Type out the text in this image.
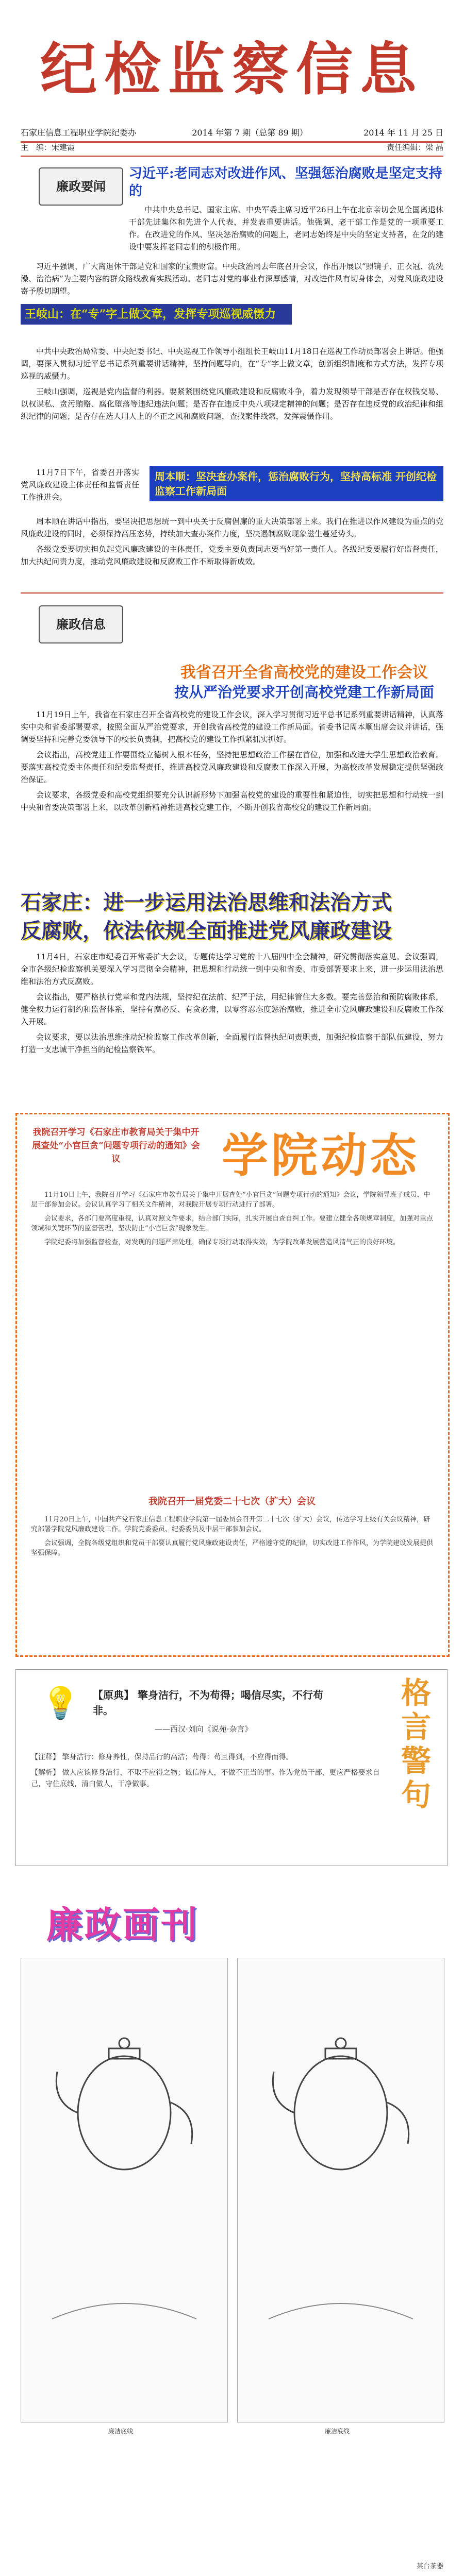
纪检监察信息
石家庄信息工程职业学院纪委办	2014 年第 7 期（总第 89 期）	2014 年 11 月 25 日
主　编：宋建霞	责任编辑：梁 晶
廉政要闻
习近平:老同志对改进作风、坚强惩治腐败是坚定支持的

中共中央总书记、国家主席、中央军委主席习近平26日上午在北京亲切会见全国离退休干部先进集体和先进个人代表，并发表重要讲话。他强调，老干部工作是党的一项重要工作。在改进党的作风、坚决惩治腐败的问题上，老同志始终是中央的坚定支持者，在党的建设中要发挥老同志们的积极作用。

习近平强调，广大离退休干部是党和国家的宝贵财富。中央政治局去年底召开会议，作出开展以“照镜子、正衣冠、洗洗澡、治治病”为主要内容的群众路线教育实践活动。老同志对党的事业有深厚感情，对改进作风有切身体会，对党风廉政建设寄予殷切期望。

王岐山：在“专”字上做文章，发挥专项巡视威慑力

中共中央政治局常委、中央纪委书记、中央巡视工作领导小组组长王岐山11月18日在巡视工作动员部署会上讲话。他强调，要深入贯彻习近平总书记系列重要讲话精神，坚持问题导向，在“专”字上做文章，创新组织制度和方式方法，发挥专项巡视的威慑力。

王岐山强调，巡视是党内监督的利器。要紧紧围绕党风廉政建设和反腐败斗争，着力发现领导干部是否存在权钱交易、以权谋私、贪污贿赂、腐化堕落等违纪违法问题；是否存在违反中央八项规定精神的问题；是否存在违反党的政治纪律和组织纪律的问题；是否存在选人用人上的不正之风和腐败问题，查找案件线索，发挥震慑作用。

11月7日下午，省委召开落实党风廉政建设主体责任和监督责任工作推进会。
周本顺：坚决查办案件，惩治腐败行为，坚持高标准 开创纪检监察工作新局面

周本顺在讲话中指出，要坚决把思想统一到中央关于反腐倡廉的重大决策部署上来。我们在推进以作风建设为重点的党风廉政建设的同时，必须保持高压态势，持续加大查办案件力度，坚决遏制腐败现象滋生蔓延势头。

各级党委要切实担负起党风廉政建设的主体责任，党委主要负责同志要当好第一责任人。各级纪委要履行好监督责任，加大执纪问责力度，推动党风廉政建设和反腐败工作不断取得新成效。

廉政信息
我省召开全省高校党的建设工作会议
按从严治党要求开创高校党建工作新局面

11月19日上午，我省在石家庄召开全省高校党的建设工作会议，深入学习贯彻习近平总书记系列重要讲话精神，认真落实中央和省委部署要求，按照全面从严治党要求，开创我省高校党的建设工作新局面。省委书记周本顺出席会议并讲话，强调要坚持和完善党委领导下的校长负责制，把高校党的建设工作抓紧抓实抓好。

会议指出，高校党建工作要围绕立德树人根本任务，坚持把思想政治工作摆在首位，加强和改进大学生思想政治教育。要落实高校党委主体责任和纪委监督责任，推进高校党风廉政建设和反腐败工作深入开展，为高校改革发展稳定提供坚强政治保证。

会议要求，各级党委和高校党组织要充分认识新形势下加强高校党的建设的重要性和紧迫性，切实把思想和行动统一到中央和省委决策部署上来，以改革创新精神推进高校党建工作，不断开创我省高校党的建设工作新局面。

石家庄：进一步运用法治思维和法治方式
反腐败，依法依规全面推进党风廉政建设

11月4日，石家庄市纪委召开常委扩大会议，专题传达学习党的十八届四中全会精神，研究贯彻落实意见。会议强调，全市各级纪检监察机关要深入学习贯彻全会精神，把思想和行动统一到中央和省委、市委部署要求上来，进一步运用法治思维和法治方式反腐败。

会议指出，要严格执行党章和党内法规，坚持纪在法前、纪严于法，用纪律管住大多数。要完善惩治和预防腐败体系，健全权力运行制约和监督体系，坚持有腐必反、有贪必肃，以零容忍态度惩治腐败，推进全市党风廉政建设和反腐败工作深入开展。

会议要求，要以法治思维推动纪检监察工作改革创新，全面履行监督执纪问责职责，加强纪检监察干部队伍建设，努力打造一支忠诚干净担当的纪检监察铁军。

我院召开学习《石家庄市教育局关于集中开展查处“小官巨贪”问题专项行动的通知》会议	学院动态

11月10日上午，我院召开学习《石家庄市教育局关于集中开展查处“小官巨贪”问题专项行动的通知》会议，学院领导班子成员、中层干部参加会议。会议认真学习了相关文件精神，对我院开展专项行动进行了部署。

会议要求，各部门要高度重视，认真对照文件要求，结合部门实际，扎实开展自查自纠工作。要建立健全各项规章制度，加强对重点领域和关键环节的监督管理，坚决防止“小官巨贪”现象发生。

学院纪委将加强监督检查，对发现的问题严肃处理，确保专项行动取得实效，为学院改革发展营造风清气正的良好环境。

我院召开一届党委二十七次（扩大）会议

11月20日上午，中国共产党石家庄信息工程职业学院第一届委员会召开第二十七次（扩大）会议，传达学习上级有关会议精神，研究部署学院党风廉政建设工作。学院党委委员、纪委委员及中层干部参加会议。

会议强调，全院各级党组织和党员干部要认真履行党风廉政建设责任，严格遵守党的纪律，切实改进工作作风，为学院建设发展提供坚强保障。

💡 【原典】 擎身洁行，不为苟得；喝信尽实，不行苟非。
——西汉·刘向《说苑·杂言》	格言警句

【注释】 擎身洁行：修身养性，保持品行的高洁；苟得：苟且得到，不应得而得。

【解析】 做人应该修身洁行，不取不应得之物；诚信待人，不做不正当的事。作为党员干部，更应严格要求自己，守住底线，清白做人，干净做事。

廉政画刊
廉洁底线	廉洁底线
某台茶器
